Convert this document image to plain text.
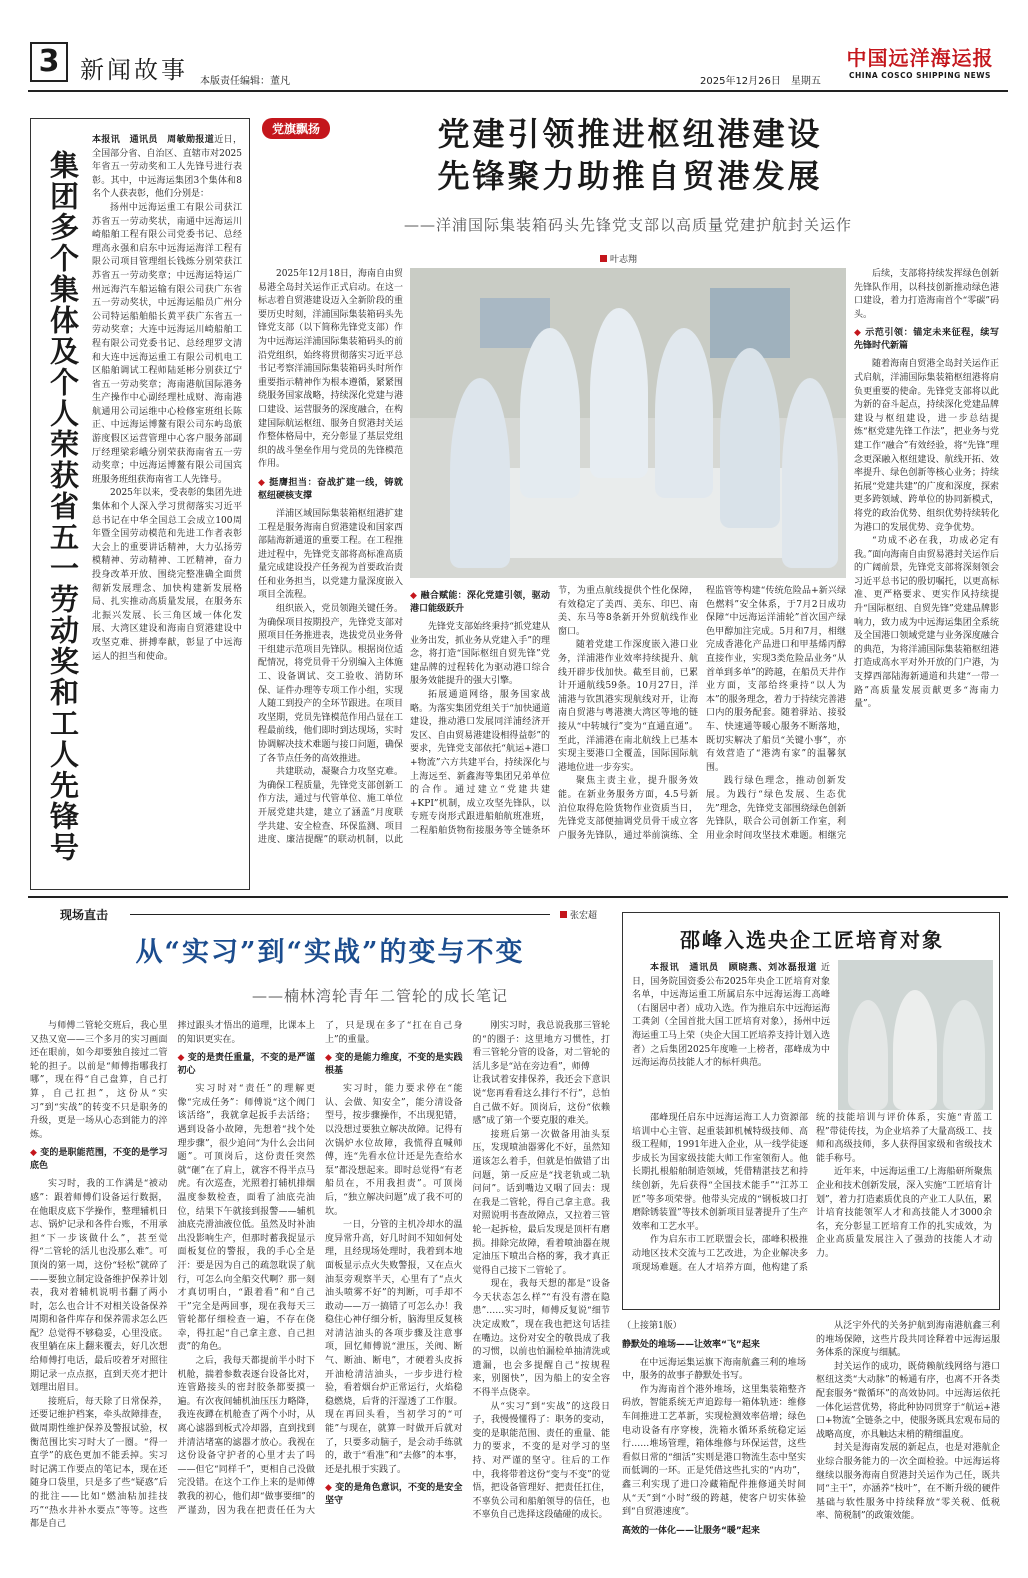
3 新闻故事 本版责任编辑：董凡	2025年12月26日　星期五
中国远洋海运报
CHINA COSCO SHIPPING NEWS
集团多个集体及个人荣获省五一劳动奖和工人先锋号

本报讯　通讯员　周敏勋报道近日，全国部分省、自治区、直辖市对2025年省五一劳动奖和工人先锋号进行表彰。其中，中远海运集团3个集体和8名个人获表彰，他们分别是：

扬州中远海运重工有限公司获江苏省五一劳动奖状，南通中远海运川崎船舶工程有限公司党委书记、总经理高永强和启东中远海运海洋工程有限公司项目管理组长钱炼分别荣获江苏省五一劳动奖章；中远海运特运广州远海汽车船运输有限公司获广东省五一劳动奖状，中远海运船员广州分公司特运船舶船长黄平获广东省五一劳动奖章；大连中远海运川崎船舶工程有限公司党委书记、总经理罗文清和大连中远海运重工有限公司机电工区船舶调试工程师陆延彬分别获辽宁省五一劳动奖章；海南港航国际港务生产操作中心副经理杜成财、海南港航通用公司运维中心检修室班组长陈正、中远海运博鳌有限公司东屿岛旅游度假区运营管理中心客户服务部副厅经理梁彩峨分别荣获海南省五一劳动奖章；中远海运博鳌有限公司国宾班服务班组获海南省工人先锋号。

2025年以来，受表彰的集团先进集体和个人深入学习贯彻落实习近平总书记在中华全国总工会成立100周年暨全国劳动模范和先进工作者表彰大会上的重要讲话精神，大力弘扬劳模精神、劳动精神、工匠精神，奋力投身改革开放、围绕完整准确全面贯彻新发展理念、加快构建新发展格局、扎实推动高质量发展，在服务东北振兴发展、长三角区域一体化发展、大湾区建设和海南自贸港建设中攻坚克难、拼搏奉献，彰显了中远海运人的担当和使命。

党旗飘扬	党建引领推进枢纽港建设
先锋聚力助推自贸港发展
——洋浦国际集装箱码头先锋党支部以高质量党建护航封关运作
叶志翔

2025年12月18日，海南自由贸易港全岛封关运作正式启动。在这一标志着自贸港建设迈入全新阶段的重要历史时刻，洋浦国际集装箱码头先锋党支部（以下简称先锋党支部）作为中远海运洋浦国际集装箱码头的前沿党组织，始终将贯彻落实习近平总书记考察洋浦国际集装箱码头时所作重要指示精神作为根本遵循，紧紧围绕服务国家战略，持续深化党建与港口建设、运营服务的深度融合，在构建国际航运枢纽、服务自贸港封关运作整体格局中，充分彰显了基层党组织的战斗堡垒作用与党员的先锋模范作用。

◆ 挺膺担当：奋战扩建一线，铸就枢纽硬核支撑

洋浦区域国际集装箱枢纽港扩建工程是服务海南自贸港建设和国家西部陆海新通道的重要工程。在工程推进过程中，先锋党支部将高标准高质量完成建设投产任务视为首要政治责任和业务担当，以党建力量深度嵌入项目全流程。

组织嵌入，党员领跑关键任务。为确保项目按期投产，先锋党支部对照项目任务推进表，选拔党员业务骨干组建示范项目先锋队。根据岗位适配情况，将党员骨干分别编入主体施工、设备调试、交工验收、消防环保、证件办理等专项工作小组，实现人随工到投产的全环节跟进。在项目攻坚期，党员先锋模范作用凸显在工程最前线，他们即时到达现场，实时协调解决技术难题与接口问题，确保了各节点任务的高效推进。

共建联动，凝聚合力攻坚克难。为确保工程质量，先锋党支部创新工作方法，通过与代管单位、施工单位开展党建共建，建立了涵盖“月度联学共建、安全检查、环保监测、项目进度、廉洁提醒”的联动机制，以此

◆ 融合赋能：深化党建引领，驱动港口能级跃升

先锋党支部始终秉持“抓党建从业务出发，抓业务从党建入手”的理念，将打造“国际枢纽自贸先锋”党建品牌的过程转化为驱动港口综合服务效能提升的强大引擎。

拓展通道网络，服务国家战略。为落实集团党组关于“加快通道建设，推动港口发展同洋浦经济开发区、自由贸易港建设相得益彰”的要求，先锋党支部依托“航运+港口+物流”六方共建平台，持续深化与上海远至、新鑫海等集团兄弟单位的合作。通过建立“党建共建+KPI”机制，成立攻坚先锋队，以专班专岗形式跟进船舶航班准班，二程船舶货物衔接服务等全链条环节，为重点航线提供个性化保障，有效稳定了美西、美东、印巴、南美、东马等8条新开外贸航线作业窗口。

随着党建工作深度嵌入港口业务，洋浦港作业效率持续提升、航线开辟步伐加快。截至目前，已累计开通航线59条。10月27日，洋浦港与钦凯港实现航线对开，让海南自贸港与粤港澳大湾区等地的链接从“中转城行”变为“直通直通”。至此，洋浦港在南北航线上已基本实现主要港口全覆盖，国际国际航港地位进一步夯实。

聚焦主责主业，提升服务效能。在新业务服务方面，4.5号新泊位取得危险货物作业资质当日，先锋党支部便抽调党员骨干成立客户服务先锋队，通过举前演练、全程监管等构建“传统危险品+新兴绿色燃料”安全体系，于7月2日成功保障“中远海运洋浦轮”首次国产绿色甲醇加注完成。5月和7月，相继完成香港化产品进口和甲基烯丙醇直接作业，实现3类危险品业务“从首单到多单”的跨越，在船员天井作业方面，支部给终秉持“以人为本”的服务理念，着力于持续完善港口内的服务配套。随着驿站、接驳车、快速通等暖心服务不断落地，既切实解决了船员“关键小事”，亦有效营造了“港湾有家”的温馨氛围。

践行绿色理念，推动创新发展。为践行“绿色发展、生态优先”理念，先锋党支部围绕绿色创新先锋队，联合公司创新工作室，利用业余时间攻坚技术难题。相继完

后续，支部将持续发挥绿色创新先锋队作用，以科技创新推动绿色港口建设，着力打造海南首个“零碳”码头。

◆ 示范引领：锚定未来征程，续写先锋时代新篇

随着海南自贸港全岛封关运作正式启航，洋浦国际集装箱枢纽港将肩负更重要的使命。先锋党支部将以此为新的奋斗起点，持续深化党建品牌建设与枢纽建设，进一步总结提炼“枢党建先锋工作法”，把业务与党建工作“融合”有效经验，将“先锋”理念更深融入枢纽建设、航线开拓、效率提升、绿色创新等核心业务；持续拓展“党建共建”的广度和深度，探索更多跨领域、跨单位的协同新模式，将党的政治优势、组织优势持续转化为港口的发展优势、竞争优势。

“功成不必在我，功成必定有我。”面向海南自由贸易港封关运作后的广阔前景，先锋党支部将深刻领会习近平总书记的殷切嘱托，以更高标准、更严格要求、更实作风持续提升“国际枢纽、自贸先锋”党建品牌影响力，致力成为中远海运集团全系统及全国港口领域党建与业务深度融合的典范，为将洋浦国际集装箱枢纽港打造成高水平对外开放的门户港，为支撑西部陆海新通道和共建“一带一路”高质量发展贡献更多“海南力量”。

现场直击	张宏超
从“实习”到“实战”的变与不变
——楠林湾轮青年二管轮的成长笔记

与师傅二管轮交班后，我心里又热又宽——三个多月的实习画面还在眼前，如今却要独自接过二管轮的担子。以前是“师傅指哪我打哪”，现在得“自己盘算，自己打算，自己扛担”，这份从“实习”到“实战”的转变不只是职务的升级，更是一场从心态到能力的淬炼。

◆ 变的是职能范围，不变的是学习底色

实习时，我的工作满是“被动感”：跟着师傅们设备运行数据，在他眼皮底下学操作，整理辅机日志、锅炉记录和各件台账，不用承担“下一步该做什么”，甚至觉得“二管轮的活儿也没那么难”。可顶岗的第一周，这份“轻松”就碎了——要独立制定设备维护保养计划表，我对着辅机说明书翻了两小时，怎么也合计不对相关设备保养周期和备件库存和保养需求怎么匹配？总觉得不够稳妥，心里没底。夜里躺在床上翻来覆去，好几次想给师傅打电话，最后咬着牙对照往期记录一点点抠，直到天亮才把计划理出眉目。

接班后，每天除了日常保养，还要记维护档案，牵头故障排查，做周期性维护保养及警报试验，权衡范围比实习时大了一圈。“得一直学”的底色更加不能丢掉。实习时记满工作要点的笔记本，现在还随身口袋里，只是多了些“疑惑”后的批注——比如“燃油粘加挂技巧”“热水井补水要点”等等。这些都是自己

摔过跟头才悟出的道理，比课本上的知识更实在。

◆ 变的是责任重量，不变的是严谨初心

实习时对“责任”的理解更像“完成任务”：师傅说“这个阀门该活络”，我就拿起扳手去活络；遇到设备小故障，先想着“找个处理步骤”，很少追问“为什么会出问题”。可顶岗后，这份责任突然就“砸”在了肩上，就容不得半点马虎。有次巡查，光照着打辅机排烟温度参数检查，面看了油底壳油位，结果下午就接到报警——辅机油底壳滑油液位低。虽然及时补油出没影响生产，但那时蓄我捉显示面板复位的警报，我的手心全是汗：要是因为自己的疏忽耽误了航行，可怎么向全船交代啊？那一刻才真切明白，“跟着看”和“自己干”完全是两回事，现在我每天三管轮都仔细检查一遍，不存在侥幸，得扛起“自己拿主意、自己担责”的角色。

之后，我每天都提前半小时下机舱，揣着参数表逐台设备比对，连管路接头的密封胶条都要摸一遍。有次夜间辅机油压压力略降，我连夜蹲在机舱查了两个小时，从离心滤器到板式冷却器，直到找到并清洁堵塞的滤器才放心。我视在这份设备守护者的心里才去了吗——但它“同样千”，更相自己没做完没错。在这个工作上来的是师傅教我的初心，他们却“做事要细”的严谨劲，因为我在把责任任为大了，只是现在多了“扛在自己身上”的重量。

◆ 变的是能力维度，不变的是实践根基

实习时，能力要求停在“能认、会做、知安全”，能分清设备型号，按步骤操作，不出现犯错，以没想过要独立解决故障。记得有次锅炉水位故障，我慌得直喊师傅，连“先看水位计还是先查给水泵”都没想起来。即时总觉得“有老船员在，不用我担责”。可顶岗后，“独立解决问题”成了我不可的坎。

一日，分管的主机冷却水的温度异常升高，好几时间不知如何处理，且经现场处理时，我着到本地面板显示点火失败警报，又在点火油泵旁观察半天，心里有了“点火油头喷雾不好”的判断，可手却不敢动——万一搞错了可怎么办！我稳住心神仔细分析，脑海里反复核对清洁油头的各项步骤及注意事项，回忆师傅说“泄压，关阀、断气、断油、断电”，才硬着头皮拆开油枪清洁油头，一步步进行检验，看着烟台炉正常运行，火焰稳稳燃烧，后背的汗湿透了工作服。现在再回头看，当初学习的“可能”与现在，就算一时做开后就对了，只要多动脑子，是会动手练就的，敢于“看准”和“去修”的本事，还是扎根于实践了。

◆ 变的是角色意识，不变的是安全坚守

刚实习时，我总说我那三管轮的“的圈子：这里地方习惯性，打看三管轮分管的设备，对二管轮的活儿多是“站在旁边看”，师傅

让我试着安排保养，我还会下意识说“您再看看这么排行不行”，总怕自己做不好。顶岗后，这份“依赖感”成了第一个要克服的难关。

接班后第一次做备用油头泵压，发现喷油器雾化不好，虽然知道该怎么着手，但就是怕做错了出问题，第一反应是“找老轨或二轨问问”。话到嘴边又咽了回去：现在我是二管轮，得自己拿主意。我对照说明书查故障点，又拉着三管轮一起拆检，最后发现是顶杆有磨损。排除完故障，看着喷油器在规定油压下喷出合格的雾，我才真正觉得自己接下二管轮了。

现在，我每天想的都是“设备今天状态怎么样”“有没有潜在隐患”……实习时，师傅反复说“细节决定成败”，现在我也把这句话挂在嘴边。这份对安全的敬畏成了我的习惯，以前也怕漏检单抽清洗或遗漏，也会多提醒自己“按规程来，别图快”，因为船上的安全容不得半点侥幸。

从“实习”到“实战”的这段日子，我慢慢懂得了：职务的变动，变的是职能范围、责任的重量、能力的要求，不变的是对学习的坚持、对严谨的坚守。往后的工作中，我将带着这份“变与不变”的觉悟，把设备管理好、把责任扛住，不辜负公司和船舶领导的信任，也不辜负自己选择这段磕碰的成长。

邵峰入选央企工匠培育对象

本报讯　通讯员　顾晓燕、刘冰磊报道 近日，国务院国资委公布2025年央企工匠培育对象名单，中远海运重工所属启东中远海运海工高峰（右图居中者）成功入选。作为推启东中远海运海工龚剑（全国首批大国工匠培育对象），扬州中远海运重工马上荣（央企大国工匠培养支持计划入选者）之后集团2025年度唯一上榜者，邵峰成为中远海运海员技能人才的标杆典范。

邵峰现任启东中远海运海工人力资源部培训中心主管、起重装卸机械特级技师、高级工程师，1991年进入企业，从一线学徒逐步成长为国家级技能大师工作室领衔人。他长期扎根船舶制造领域，凭借精湛技艺和持续创新，先后获得“全国技术能手”“江苏工匠”等多项荣誉。他带头完成的“钢板坡口打磨除锈装置”等技术创新项目显著提升了生产效率和工艺水平。

作为启东市工匠联盟会长，邵峰积极推动地区技术交流与工艺改进，为企业解决多项现场难题。在人才培养方面，他构建了系统的技能培训与评价体系，实施“青蓝工程”带徒传技，为企业培养了大量高级工、技师和高级技师，多人获得国家级和省级技术能手称号。

近年来，中远海运重工/上海船研所聚焦企业和技术创新发展，深入实施“工匠培育计划”，着力打造素质优良的产业工人队伍，累计培育技能领军人才和高技能人才3000余名，充分彰显工匠培育工作的扎实成效，为企业高质量发展注入了强劲的技能人才动力。

（上接第1版）

静默处的堆场——让效率“飞”起来

在中远海运集运旗下海南航鑫三利的堆场中，服务的故事子静默处书写。

作为海南首个港外堆场，这里集装箱整齐码放，智能系统无声追踪每一箱体轨迹：维修车间推进工艺革新，实现检测效率倍增；绿色电动设备有序穿梭，洗箱水循环系统稳定运行……堆场管理，箱体维修与环保运营，这些看似日常的“细活”实则是港口物流生态中坚实而低调的一环。正是凭借这些扎实的“内功”，鑫三利实现了进口冷藏箱配件推修通关时间从“天”到“小时”级的跨越，使客户切实体验到“自贸港速度”。

高效的一体化——让服务“暖”起来

从泛宇外代的关务护航到海南港航鑫三利的堆场保障，这些片段共同诠释着中远海运服务体系的深度与细腻。

封关运作的成功，既倚赖航线网络与港口枢纽这类“大动脉”的畅通有序，也离不开各类配套服务“微循环”的高效协同。中远海运依托一体化运营优势，将此种协同贯穿于“航运+港口+物流”全链条之中，使服务既具宏观布局的战略高度，亦具触达末梢的精细温度。

封关是海南发展的新起点，也是对港航企业综合服务能力的一次全面检验。中远海运将继续以服务海南自贸港封关运作为己任，既共同“主干”，亦涵养“枝叶”，在不断升级的硬件基础与软性服务中持续释放“零关税、低税率、简税制”的政策效能。
